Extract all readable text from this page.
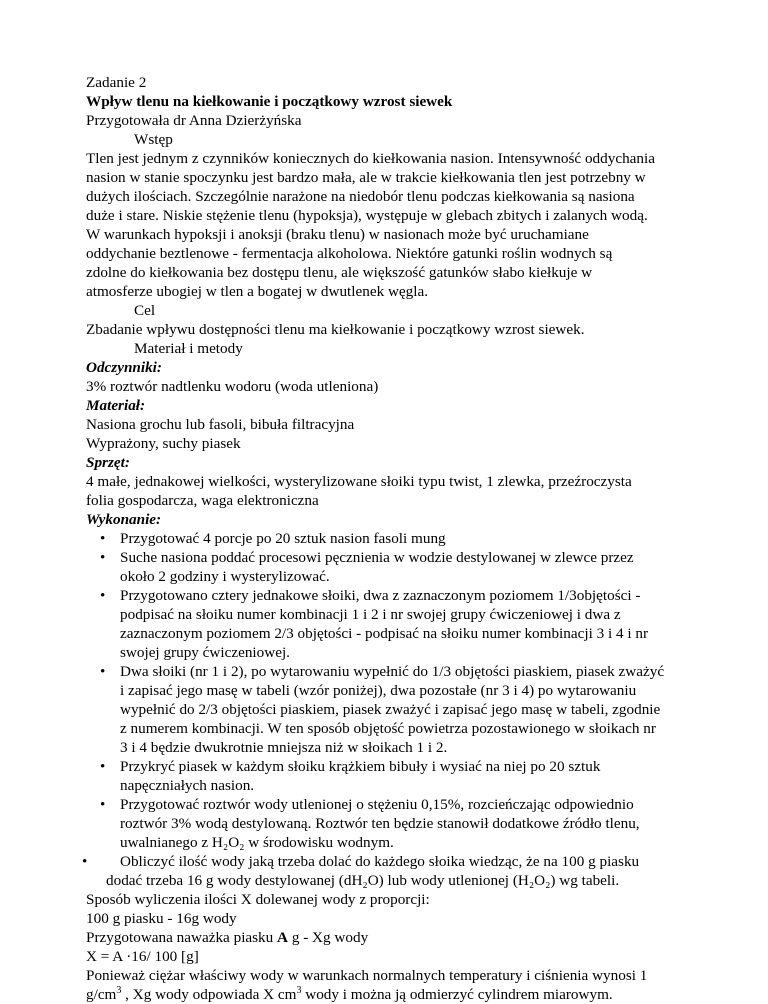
Zadanie 2
Wpływ tlenu na kiełkowanie i początkowy wzrost siewek
Przygotowała dr Anna Dzierżyńska
Wstęp
Tlen jest jednym z czynników koniecznych do kiełkowania nasion. Intensywność oddychania
nasion w stanie spoczynku jest bardzo mała, ale w trakcie kiełkowania tlen jest potrzebny w
dużych ilościach. Szczególnie narażone na niedobór tlenu podczas kiełkowania są nasiona
duże i stare. Niskie stężenie tlenu (hypoksja), występuje w glebach zbitych i zalanych wodą.
W warunkach hypoksji i anoksji (braku tlenu) w nasionach może być uruchamiane
oddychanie beztlenowe - fermentacja alkoholowa. Niektóre gatunki roślin wodnych są
zdolne do kiełkowania bez dostępu tlenu, ale większość gatunków słabo kiełkuje w
atmosferze ubogiej w tlen a bogatej w dwutlenek węgla.
Cel
Zbadanie wpływu dostępności tlenu ma kiełkowanie i początkowy wzrost siewek.
Materiał i metody
Odczynniki:
3% roztwór nadtlenku wodoru (woda utleniona)
Materiał:
Nasiona grochu lub fasoli, bibuła filtracyjna
Wyprażony, suchy piasek
Sprzęt:
4 małe, jednakowej wielkości, wysterylizowane słoiki typu twist, 1 zlewka, przeźroczysta
folia gospodarcza, waga elektroniczna
Wykonanie:
• Przygotować 4 porcje po 20 sztuk nasion fasoli mung
• Suche nasiona poddać procesowi pęcznienia w wodzie destylowanej w zlewce przez
około 2 godziny i wysterylizować.
• Przygotowano cztery jednakowe słoiki, dwa z zaznaczonym poziomem 1/3objętości -
podpisać na słoiku numer kombinacji 1 i 2 i nr swojej grupy ćwiczeniowej i dwa z
zaznaczonym poziomem 2/3 objętości - podpisać na słoiku numer kombinacji 3 i 4 i nr
swojej grupy ćwiczeniowej.
• Dwa słoiki (nr 1 i 2), po wytarowaniu wypełnić do 1/3 objętości piaskiem, piasek zważyć
i zapisać jego masę w tabeli (wzór poniżej), dwa pozostałe (nr 3 i 4) po wytarowaniu
wypełnić do 2/3 objętości piaskiem, piasek zważyć i zapisać jego masę w tabeli, zgodnie
z numerem kombinacji. W ten sposób objętość powietrza pozostawionego w słoikach nr
3 i 4 będzie dwukrotnie mniejsza niż w słoikach 1 i 2.
• Przykryć piasek w każdym słoiku krążkiem bibuły i wysiać na niej po 20 sztuk
napęczniałych nasion.
• Przygotować roztwór wody utlenionej o stężeniu 0,15%, rozcieńczając odpowiednio
roztwór 3% wodą destylowaną. Roztwór ten będzie stanowił dodatkowe źródło tlenu,
uwalnianego z H₂O₂ w środowisku wodnym.
•	Obliczyć ilość wody jaką trzeba dolać do każdego słoika wiedząc, że na 100 g piasku
dodać trzeba 16 g wody destylowanej (dH₂O) lub wody utlenionej (H₂O₂) wg tabeli.
Sposób wyliczenia ilości X dolewanej wody z proporcji:
100 g piasku - 16g wody
Przygotowana naważka piasku A g - Xg wody
X = A ·16/ 100 [g]
Ponieważ ciężar właściwy wody w warunkach normalnych temperatury i ciśnienia wynosi 1
$g/cm^3$ , Xg wody odpowiada X $cm^3$ wody i można ją odmierzyć cylindrem miarowym.
